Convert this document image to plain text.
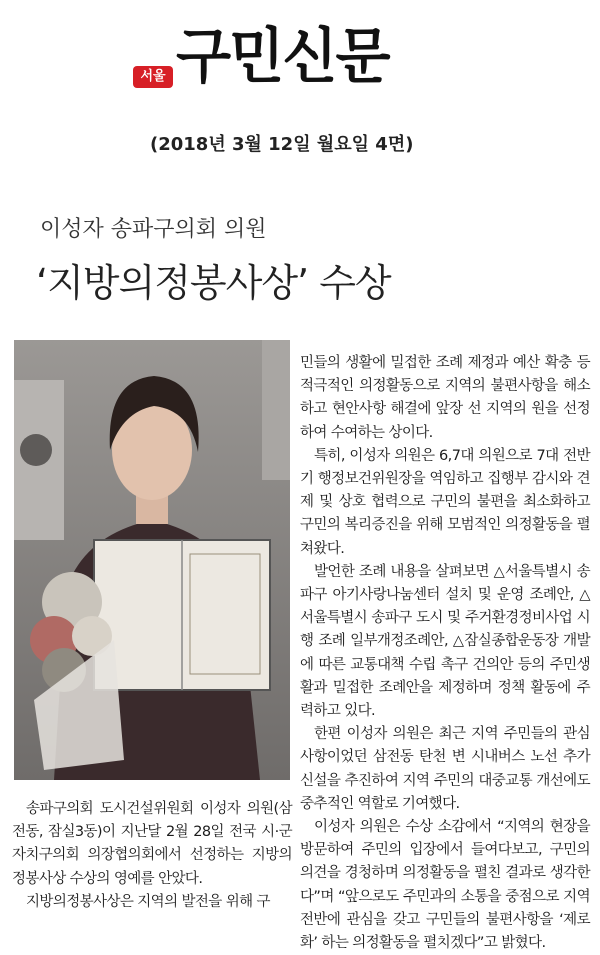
서울 구민신문
(2018년 3월 12일 월요일 4면)
이성자 송파구의회 의원
‘지방의정봉사상’ 수상

민들의 생활에 밀접한 조례 제정과 예산 확충 등 적극적인 의정활동으로 지역의 불편사항을 해소하고 현안사항 해결에 앞장 선 지역의 원을 선정하여 수여하는 상이다.

특히, 이성자 의원은 6,7대 의원으로 7대 전반기 행정보건위원장을 역임하고 집행부 감시와 견제 및 상호 협력으로 구민의 불편을 최소화하고 구민의 복리증진을 위해 모범적인 의정활동을 펼쳐왔다.

발언한 조례 내용을 살펴보면 △서울특별시 송파구 아기사랑나눔센터 설치 및 운영 조례안, △서울특별시 송파구 도시 및 주거환경정비사업 시행 조례 일부개정조례안, △잠실종합운동장 개발에 따른 교통대책 수립 촉구 건의안 등의 주민생활과 밀접한 조례안을 제정하며 정책 활동에 주력하고 있다.

한편 이성자 의원은 최근 지역 주민들의 관심사항이었던 삼전동 탄천 변 시내버스 노선 추가 신설을 추진하여 지역 주민의 대중교통 개선에도 중추적인 역할로 기여했다.

이성자 의원은 수상 소감에서 “지역의 현장을 방문하여 주민의 입장에서 들여다보고, 구민의 의견을 경청하며 의정활동을 펼친 결과로 생각한다”며 “앞으로도 주민과의 소통을 중점으로 지역 전반에 관심을 갖고 구민들의 불편사항을 ‘제로화’ 하는 의정활동을 펼치겠다”고 밝혔다.

송파구의회 도시건설위원회 이성자 의원(삼전동, 잠실3동)이 지난달 2월 28일 전국 시·군자치구의회 의장협의회에서 선정하는 지방의정봉사상 수상의 영예를 안았다.

지방의정봉사상은 지역의 발전을 위해 구
